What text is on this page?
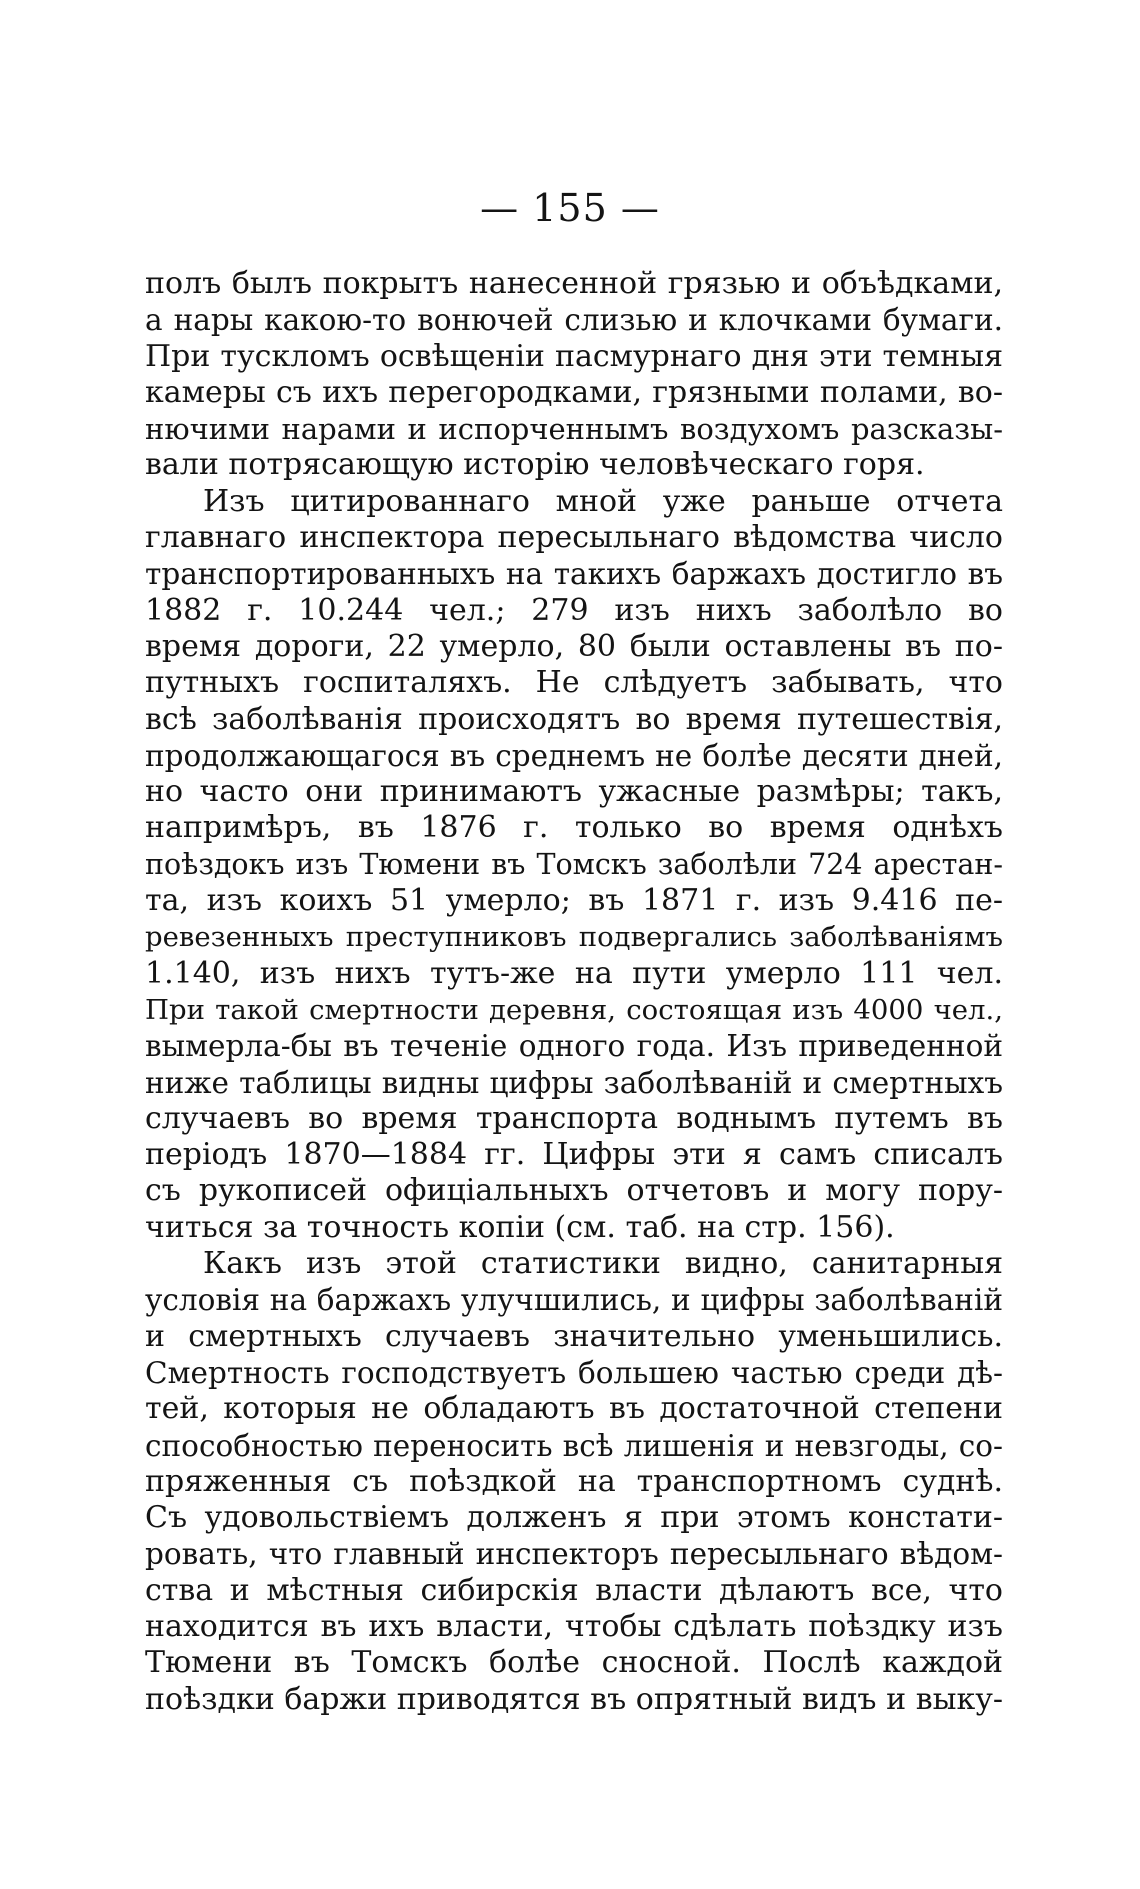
— 155 —
полъ былъ покрытъ нанесенной грязью и объѣдками,
а нары какою-то вонючей слизью и клочками бумаги.
При тускломъ освѣщеніи пасмурнаго дня эти темныя
камеры съ ихъ перегородками, грязными полами, во-
нючими нарами и испорченнымъ воздухомъ разсказы-
вали потрясающую исторію человѣческаго горя.
Изъ цитированнаго мной уже раньше отчета
главнаго инспектора пересыльнаго вѣдомства число
транспортированныхъ на такихъ баржахъ достигло въ
1882 г. 10.244 чел.; 279 изъ нихъ заболѣло во
время дороги, 22 умерло, 80 были оставлены въ по-
путныхъ госпиталяхъ. Не слѣдуетъ забывать, что
всѣ заболѣванія происходятъ во время путешествія,
продолжающагося въ среднемъ не болѣе десяти дней,
но часто они принимаютъ ужасные размѣры; такъ,
напримѣръ, въ 1876 г. только во время однѣхъ
поѣздокъ изъ Тюмени въ Томскъ заболѣли 724 арестан-
та, изъ коихъ 51 умерло; въ 1871 г. изъ 9.416 пе-
ревезенныхъ преступниковъ подвергались заболѣваніямъ
1.140, изъ нихъ тутъ-же на пути умерло 111 чел.
При такой смертности деревня, состоящая изъ 4000 чел.,
вымерла-бы въ теченіе одного года. Изъ приведенной
ниже таблицы видны цифры заболѣваній и смертныхъ
случаевъ во время транспорта воднымъ путемъ въ
періодъ 1870—1884 гг. Цифры эти я самъ списалъ
съ рукописей офиціальныхъ отчетовъ и могу пору-
читься за точность копіи (см. таб. на стр. 156).
Какъ изъ этой статистики видно, санитарныя
условія на баржахъ улучшились, и цифры заболѣваній
и смертныхъ случаевъ значительно уменьшились.
Смертность господствуетъ большею частью среди дѣ-
тей, которыя не обладаютъ въ достаточной степени
способностью переносить всѣ лишенія и невзгоды, со-
пряженныя съ поѣздкой на транспортномъ суднѣ.
Съ удовольствіемъ долженъ я при этомъ констати-
ровать, что главный инспекторъ пересыльнаго вѣдом-
ства и мѣстныя сибирскія власти дѣлаютъ все, что
находится въ ихъ власти, чтобы сдѣлать поѣздку изъ
Тюмени въ Томскъ болѣе сносной. Послѣ каждой
поѣздки баржи приводятся въ опрятный видъ и выку-
